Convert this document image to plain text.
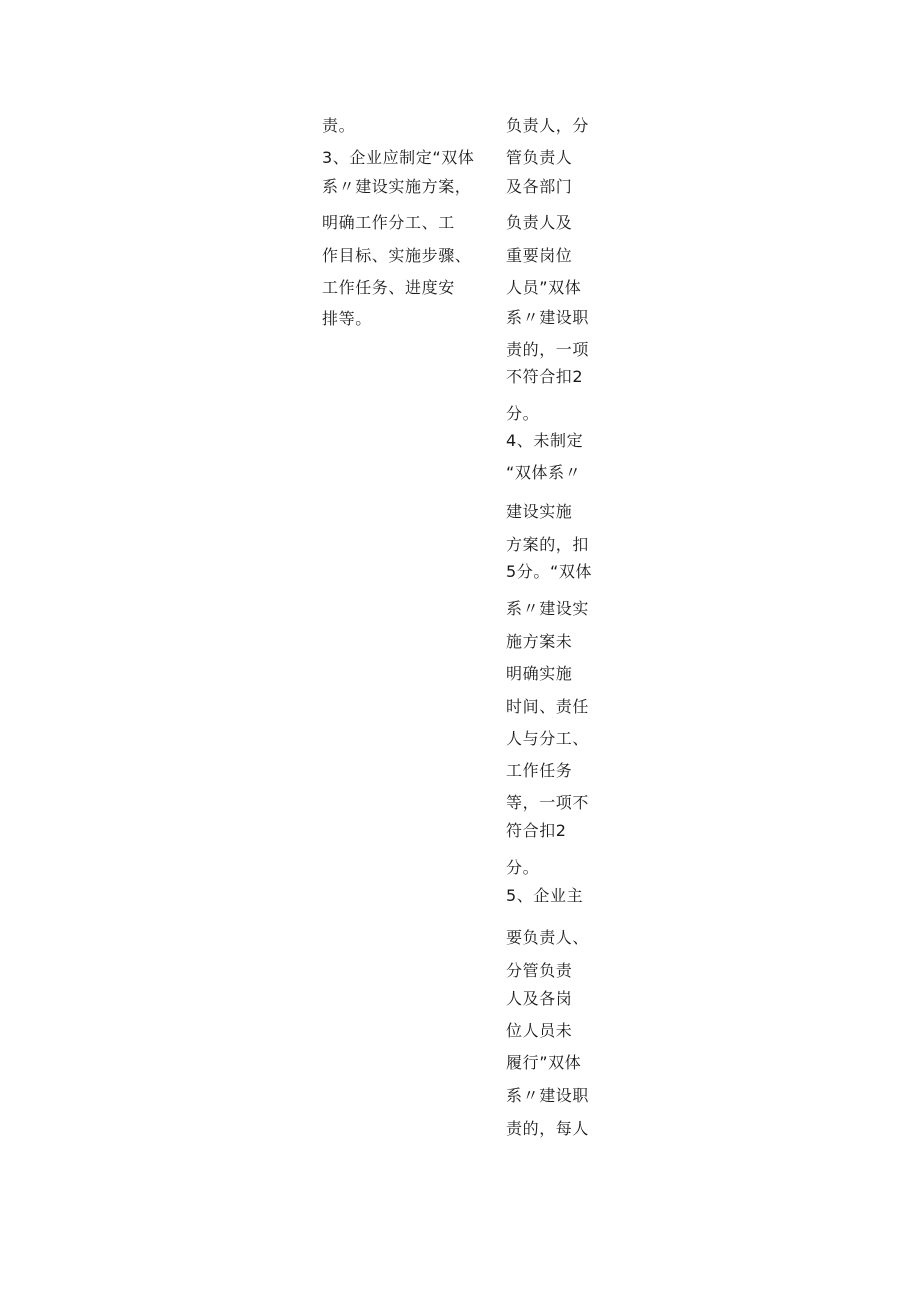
责。
3、企业应制定“双体
系〃建设实施方案，
明确工作分工、工
作目标、实施步骤、
工作任务、进度安
排等。
负责人，分
管负责人
及各部门
负责人及
重要岗位
人员”双体
系〃建设职
责的，一项
不符合扣2
分。
4、未制定
“双体系〃
建设实施
方案的，扣
5分。“双体
系〃建设实
施方案未
明确实施
时间、责任
人与分工、
工作任务
等，一项不
符合扣2
分。
5、企业主
要负责人、
分管负责
人及各岗
位人员未
履行”双体
系〃建设职
责的，每人
